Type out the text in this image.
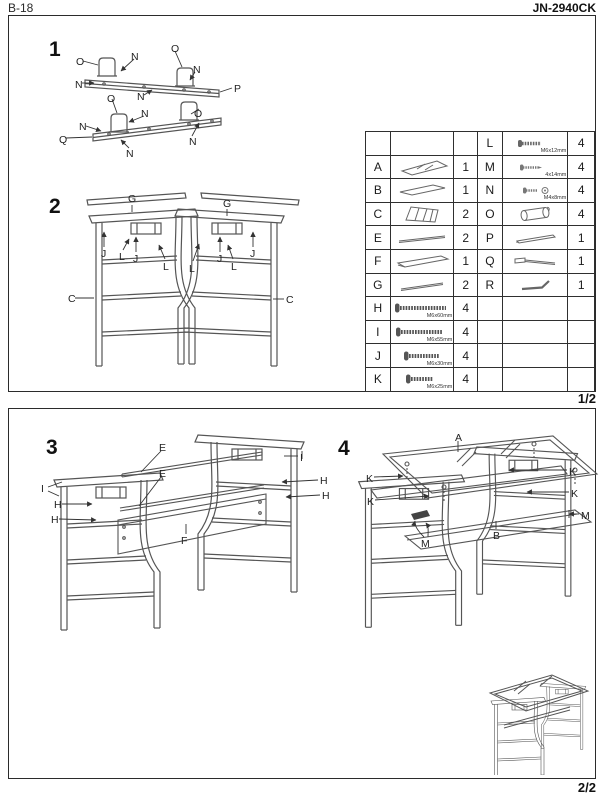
B-18	JN-2940CK
1
O	N
O
N
N	P
N
O
N	O
N
Q	N
N
2	G	G
J L J
L
C
J
L
J
L
C

		L	M6x12mm	4
A		1	M	4x14mm	4
B		1	N	M4x8mm	4
C		2	O		4
E		2	P		1
F		1	Q		1
G		2	R		1
H	M6x60mm	4		

I	M6x55mm	4		

J	M6x30mm	4		

K	M6x25mm	4		

1/2
3	E
E
I
H
H
F
I
H
H
4	A
K
K
K
K
M
M
B
2/2
